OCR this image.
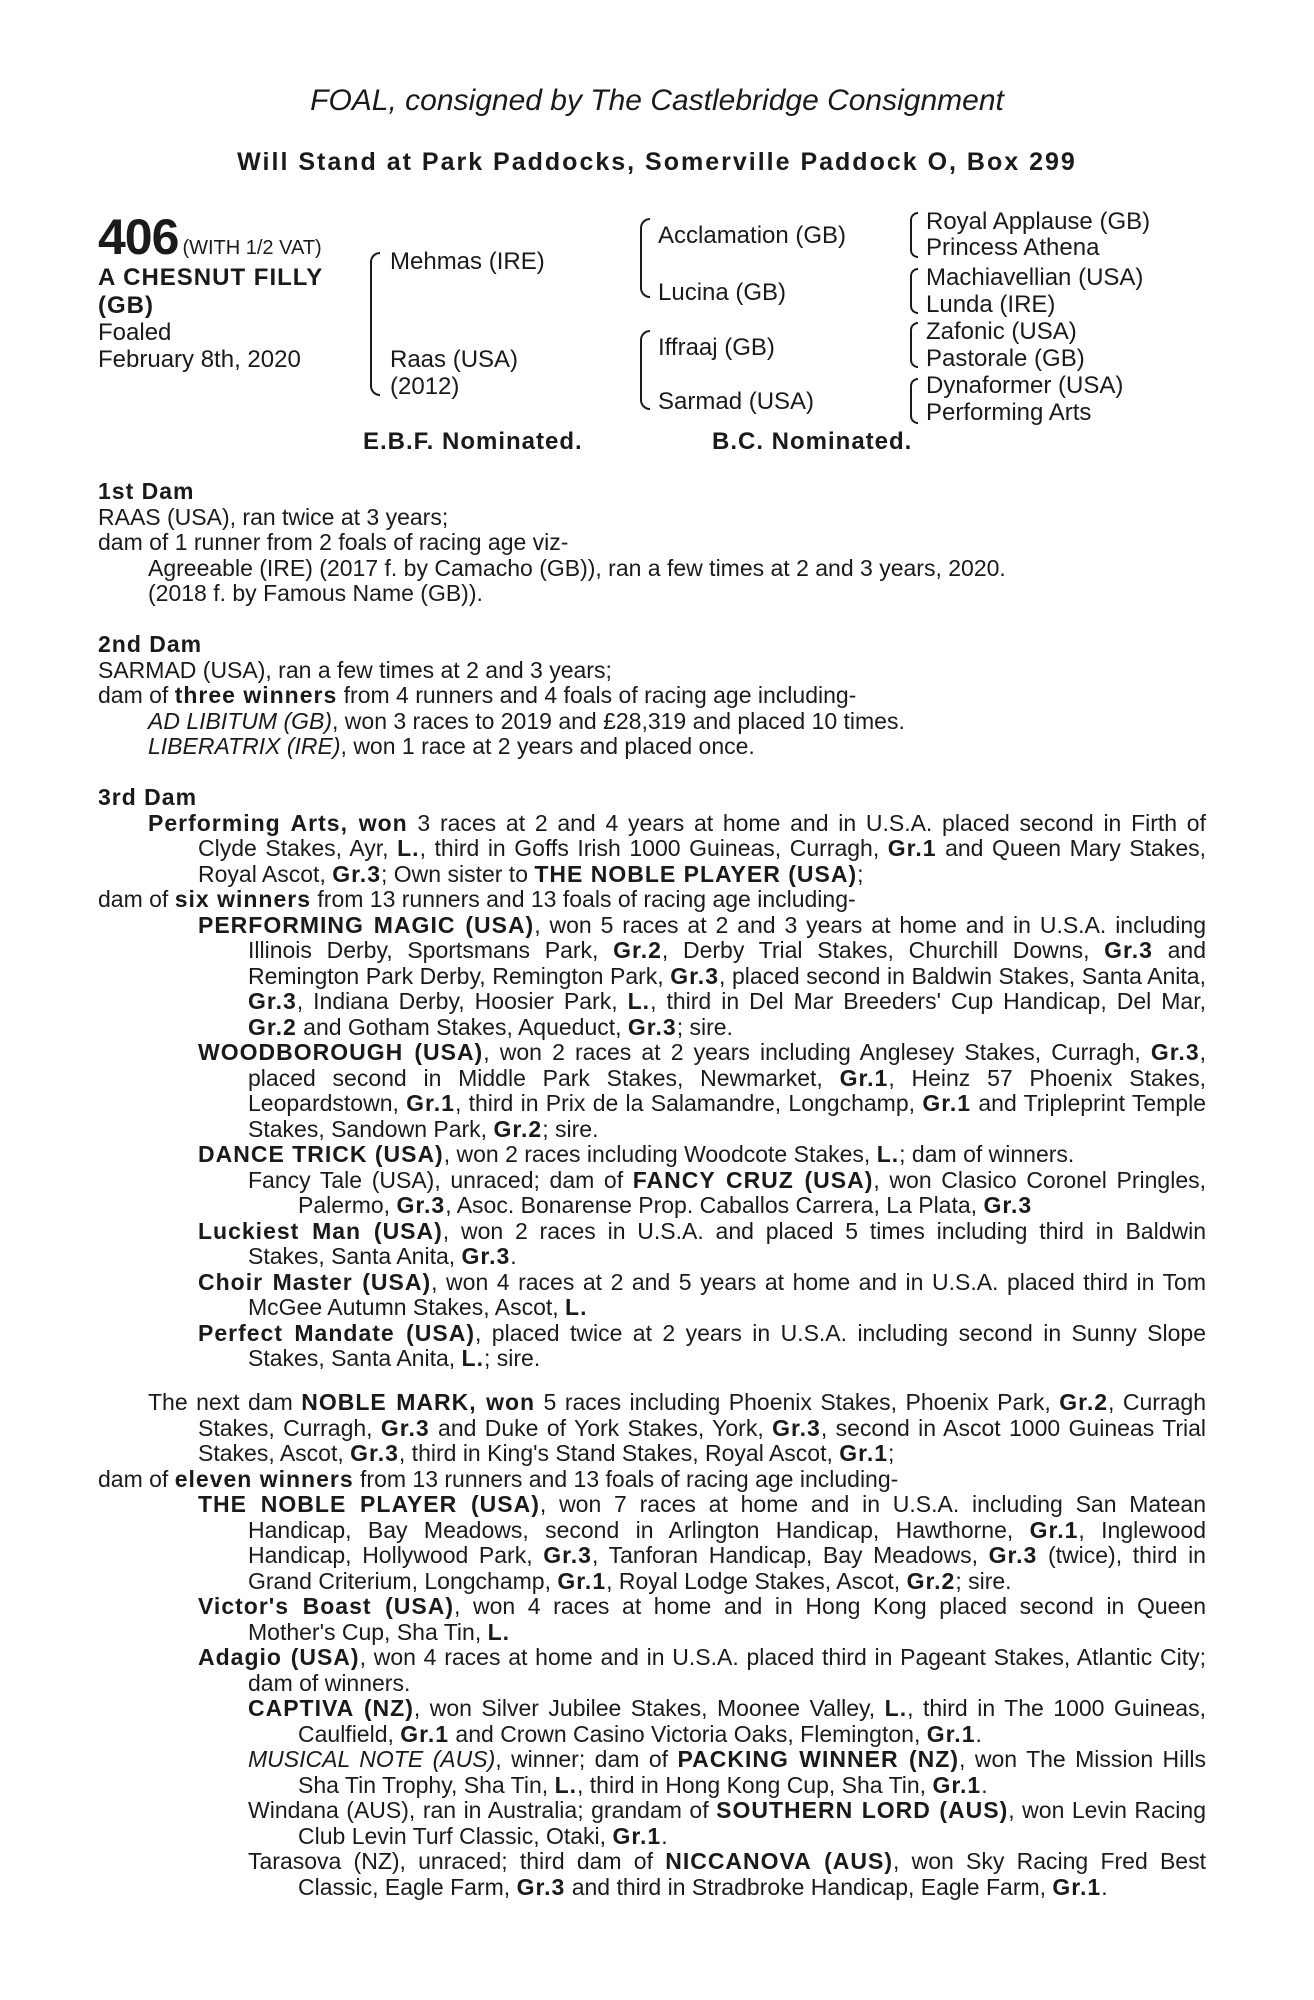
FOAL, consigned by The Castlebridge Consignment
Will Stand at Park Paddocks, Somerville Paddock O, Box 299
406 (WITH 1/2 VAT)
A CHESNUT FILLY
(GB)
Foaled
February 8th, 2020
Mehmas (IRE)
Raas (USA)
(2012)
Acclamation (GB)
Lucina (GB)
Iffraaj (GB)
Sarmad (USA)
Royal Applause (GB)
Princess Athena
Machiavellian (USA)
Lunda (IRE)
Zafonic (USA)
Pastorale (GB)
Dynaformer (USA)
Performing Arts
E.B.F. Nominated.	B.C. Nominated.

1st Dam

RAAS (USA), ran twice at 3 years;

dam of 1 runner from 2 foals of racing age viz-

Agreeable (IRE) (2017 f. by Camacho (GB)), ran a few times at 2 and 3 years, 2020.

(2018 f. by Famous Name (GB)).

2nd Dam

SARMAD (USA), ran a few times at 2 and 3 years;

dam of three winners from 4 runners and 4 foals of racing age including-

AD LIBITUM (GB), won 3 races to 2019 and £28,319 and placed 10 times.

LIBERATRIX (IRE), won 1 race at 2 years and placed once.

3rd Dam

Performing Arts, won 3 races at 2 and 4 years at home and in U.S.A. placed second in Firth of Clyde Stakes, Ayr, L., third in Goffs Irish 1000 Guineas, Curragh, Gr.1 and Queen Mary Stakes, Royal Ascot, Gr.3; Own sister to THE NOBLE PLAYER (USA);

dam of six winners from 13 runners and 13 foals of racing age including-

PERFORMING MAGIC (USA), won 5 races at 2 and 3 years at home and in U.S.A. including Illinois Derby, Sportsmans Park, Gr.2, Derby Trial Stakes, Churchill Downs, Gr.3 and Remington Park Derby, Remington Park, Gr.3, placed second in Baldwin Stakes, Santa Anita, Gr.3, Indiana Derby, Hoosier Park, L., third in Del Mar Breeders' Cup Handicap, Del Mar, Gr.2 and Gotham Stakes, Aqueduct, Gr.3; sire.

WOODBOROUGH (USA), won 2 races at 2 years including Anglesey Stakes, Curragh, Gr.3, placed second in Middle Park Stakes, Newmarket, Gr.1, Heinz 57 Phoenix Stakes, Leopardstown, Gr.1, third in Prix de la Salamandre, Longchamp, Gr.1 and Tripleprint Temple Stakes, Sandown Park, Gr.2; sire.

DANCE TRICK (USA), won 2 races including Woodcote Stakes, L.; dam of winners.

Fancy Tale (USA), unraced; dam of FANCY CRUZ (USA), won Clasico Coronel Pringles, Palermo, Gr.3, Asoc. Bonarense Prop. Caballos Carrera, La Plata, Gr.3

Luckiest Man (USA), won 2 races in U.S.A. and placed 5 times including third in Baldwin Stakes, Santa Anita, Gr.3.

Choir Master (USA), won 4 races at 2 and 5 years at home and in U.S.A. placed third in Tom McGee Autumn Stakes, Ascot, L.

Perfect Mandate (USA), placed twice at 2 years in U.S.A. including second in Sunny Slope Stakes, Santa Anita, L.; sire.

The next dam NOBLE MARK, won 5 races including Phoenix Stakes, Phoenix Park, Gr.2, Curragh Stakes, Curragh, Gr.3 and Duke of York Stakes, York, Gr.3, second in Ascot 1000 Guineas Trial Stakes, Ascot, Gr.3, third in King's Stand Stakes, Royal Ascot, Gr.1;

dam of eleven winners from 13 runners and 13 foals of racing age including-

THE NOBLE PLAYER (USA), won 7 races at home and in U.S.A. including San Matean Handicap, Bay Meadows, second in Arlington Handicap, Hawthorne, Gr.1, Inglewood Handicap, Hollywood Park, Gr.3, Tanforan Handicap, Bay Meadows, Gr.3 (twice), third in Grand Criterium, Longchamp, Gr.1, Royal Lodge Stakes, Ascot, Gr.2; sire.

Victor's Boast (USA), won 4 races at home and in Hong Kong placed second in Queen Mother's Cup, Sha Tin, L.

Adagio (USA), won 4 races at home and in U.S.A. placed third in Pageant Stakes, Atlantic City; dam of winners.

CAPTIVA (NZ), won Silver Jubilee Stakes, Moonee Valley, L., third in The 1000 Guineas, Caulfield, Gr.1 and Crown Casino Victoria Oaks, Flemington, Gr.1.

MUSICAL NOTE (AUS), winner; dam of PACKING WINNER (NZ), won The Mission Hills Sha Tin Trophy, Sha Tin, L., third in Hong Kong Cup, Sha Tin, Gr.1.

Windana (AUS), ran in Australia; grandam of SOUTHERN LORD (AUS), won Levin Racing Club Levin Turf Classic, Otaki, Gr.1.

Tarasova (NZ), unraced; third dam of NICCANOVA (AUS), won Sky Racing Fred Best Classic, Eagle Farm, Gr.3 and third in Stradbroke Handicap, Eagle Farm, Gr.1.
